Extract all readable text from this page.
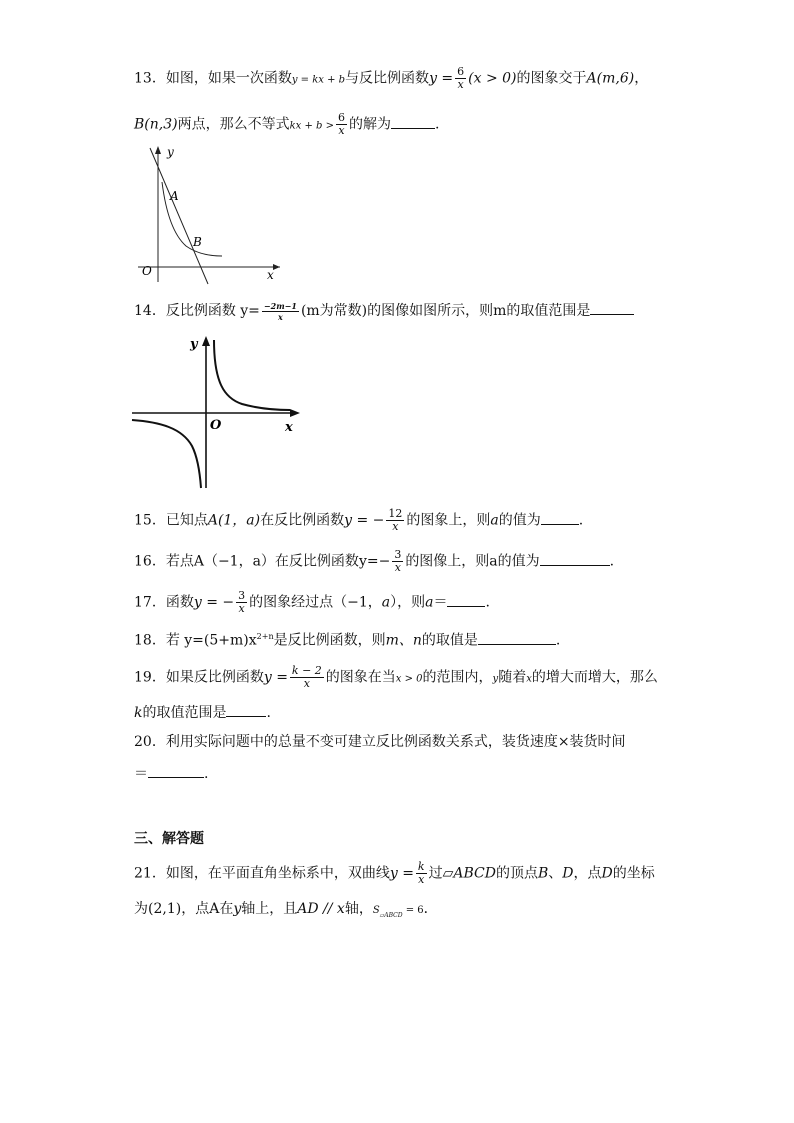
13．如图，如果一次函数y = kx + b与反比例函数$y = \frac{6}{x} (x > 0)$的图象交于A(m,6)，
B(n,3)两点，那么不等式kx + $b > \frac{6}{x}$ 的解为	.
y
x
O
A
B
14．反比例函数 $y= \frac{-2m-1}{x} (m$为常数)的图像如图所示，则m的取值范围是
y
x
O
15．已知点A(1，a)在反比例函数y = − $\frac{12}{x}$ 的图象上，则a的值为	.
16．若点A（−1，a）在反比例函数$y=- \frac{3}{x}$ 的图像上，则a的值为	.
17．函数y = − $\frac{3}{x}$ 的图象经过点（−1，a），则a＝	.
18．若 $y=(5+m)x^{2+n}$是反比例函数，则m、n的取值是	.
19．如果反比例函数$y = \frac{k - 2}{x}$ 的图象在当x > 0的范围内，y随着x的增大而增大，那么
k的取值范围是	.
20．利用实际问题中的总量不变可建立反比例函数关系式，装货速度×装货时间
＝	.
三、解答题
21．如图，在平面直角坐标系中，双曲线$y = \frac{k}{x}$ 过▱ABCD的顶点B、D，点D的坐标
为(2,1)，点A在y轴上，且AD // x轴，$S_{▱ABCD} = 6$．
